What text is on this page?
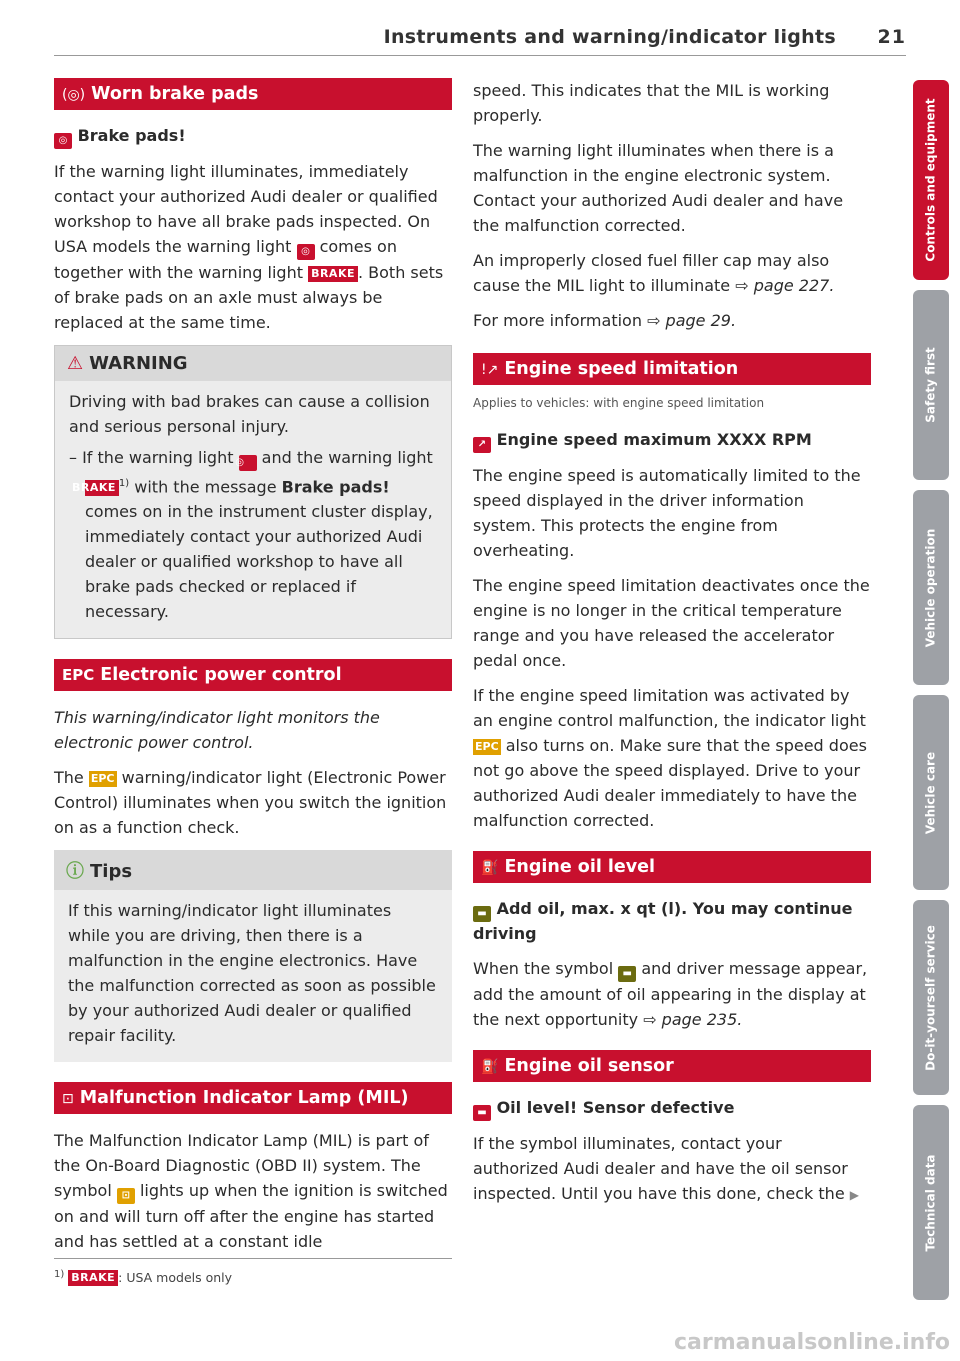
Instruments and warning/indicator lights 21
(◎) Worn brake pads
◎ Brake pads!

If the warning light illuminates, immediately contact your authorized Audi dealer or qualified workshop to have all brake pads inspected. On USA models the warning light ◎ comes on together with the warning light BRAKE . Both sets of brake pads on an axle must always be replaced at the same time.

⚠ WARNING

Driving with bad brakes can cause a collision and serious personal injury.

– If the warning light ◎ and the warning light BRAKE $^{1)}$ with the message Brake pads! comes on in the instrument cluster display, immediately contact your authorized Audi dealer or qualified workshop to have all brake pads checked or replaced if necessary.

EPC Electronic power control

This warning/indicator light monitors the electronic power control.

The EPC warning/indicator light (Electronic Power Control) illuminates when you switch the ignition on as a function check.

ⓘ Tips

If this warning/indicator light illuminates while you are driving, then there is a malfunction in the engine electronics. Have the malfunction corrected as soon as possible by your authorized Audi dealer or qualified repair facility.

⊡ Malfunction Indicator Lamp (MIL)

The Malfunction Indicator Lamp (MIL) is part of the On-Board Diagnostic (OBD II) system. The symbol ⊡ lights up when the ignition is switched on and will turn off after the engine has started and has settled at a constant idle

$^{1)}$ BRAKE : USA models only

speed. This indicates that the MIL is working properly.

The warning light illuminates when there is a malfunction in the engine electronic system. Contact your authorized Audi dealer and have the malfunction corrected.

An improperly closed fuel filler cap may also cause the MIL light to illuminate ⇨ page 227.

For more information ⇨ page 29.

!↗ Engine speed limitation

Applies to vehicles: with engine speed limitation

↗ Engine speed maximum XXXX RPM

The engine speed is automatically limited to the speed displayed in the driver information system. This protects the engine from overheating.

The engine speed limitation deactivates once the engine is no longer in the critical temperature range and you have released the accelerator pedal once.

If the engine speed limitation was activated by an engine control malfunction, the indicator light EPC also turns on. Make sure that the speed does not go above the speed displayed. Drive to your authorized Audi dealer immediately to have the malfunction corrected.

⛽ Engine oil level
▬ Add oil, max. x qt (l). You may continue driving

When the symbol ▬ and driver message appear, add the amount of oil appearing in the display at the next opportunity ⇨ page 235.

⛽ Engine oil sensor
▬ Oil level! Sensor defective

If the symbol illuminates, contact your authorized Audi dealer and have the oil sensor inspected. Until you have this done, check the ▶

Controls and equipment
Safety first
Vehicle operation
Vehicle care
Do-it-yourself service
Technical data
carmanualsonline.info
